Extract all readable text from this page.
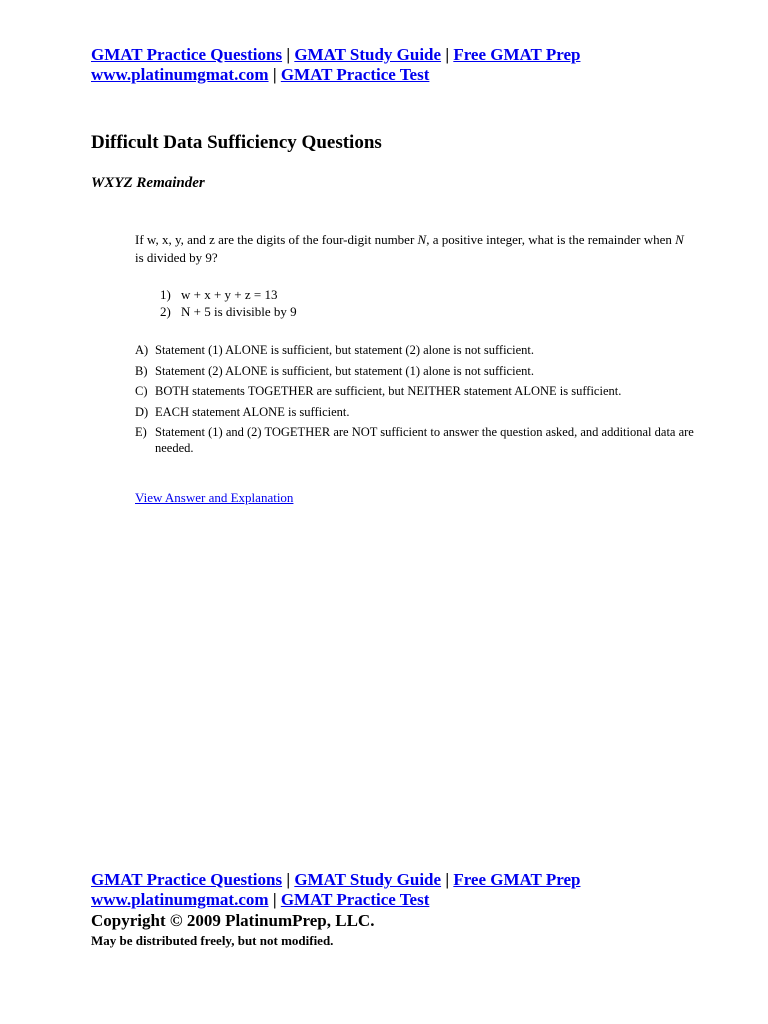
GMAT Practice Questions | GMAT Study Guide | Free GMAT Prep
www.platinumgmat.com | GMAT Practice Test
Difficult Data Sufficiency Questions
WXYZ Remainder
If w, x, y, and z are the digits of the four-digit number N, a positive integer, what is the remainder when N is divided by 9?
1) w + x + y + z = 13
2) N + 5 is divisible by 9
A) Statement (1) ALONE is sufficient, but statement (2) alone is not sufficient.
B) Statement (2) ALONE is sufficient, but statement (1) alone is not sufficient.
C) BOTH statements TOGETHER are sufficient, but NEITHER statement ALONE is sufficient.
D) EACH statement ALONE is sufficient.
E) Statement (1) and (2) TOGETHER are NOT sufficient to answer the question asked, and additional data are needed.
View Answer and Explanation
GMAT Practice Questions | GMAT Study Guide | Free GMAT Prep
www.platinumgmat.com | GMAT Practice Test

Copyright © 2009 PlatinumPrep, LLC.

May be distributed freely, but not modified.
